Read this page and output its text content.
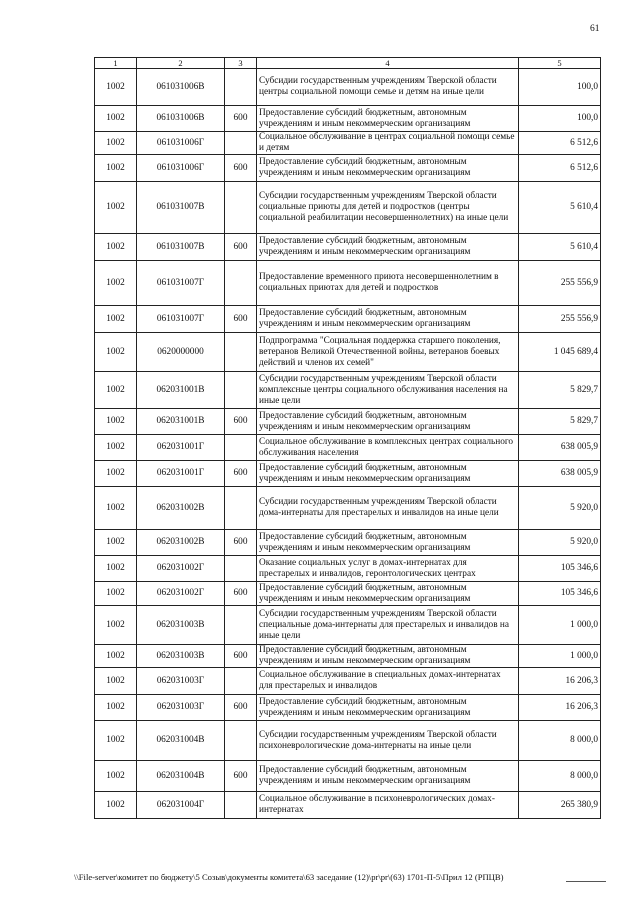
61
1	2	3	4	5
1002	061031006В		Субсидии государственным учреждениям Тверской области центры социальной помощи семье и детям на иные цели	100,0
1002	061031006В	600	Предоставление субсидий бюджетным, автономным учреждениям и иным некоммерческим организациям	100,0
1002	061031006Г		Социальное обслуживание в центрах социальной помощи семье и детям	6 512,6
1002	061031006Г	600	Предоставление субсидий бюджетным, автономным учреждениям и иным некоммерческим организациям	6 512,6
1002	061031007В		Субсидии государственным учреждениям Тверской области социальные приюты для детей и подростков (центры социальной реабилитации несовершеннолетних) на иные цели	5 610,4
1002	061031007В	600	Предоставление субсидий бюджетным, автономным учреждениям и иным некоммерческим организациям	5 610,4
1002	061031007Г		Предоставление временного приюта несовершеннолетним в социальных приютах для детей и подростков	255 556,9
1002	061031007Г	600	Предоставление субсидий бюджетным, автономным учреждениям и иным некоммерческим организациям	255 556,9
1002	0620000000		Подпрограмма "Социальная поддержка старшего поколения, ветеранов Великой Отечественной войны, ветеранов боевых действий и членов их семей"	1 045 689,4
1002	062031001В		Субсидии государственным учреждениям Тверской области комплексные центры социального обслуживания населения на иные цели	5 829,7
1002	062031001В	600	Предоставление субсидий бюджетным, автономным учреждениям и иным некоммерческим организациям	5 829,7
1002	062031001Г		Социальное обслуживание в комплексных центрах социального обслуживания населения	638 005,9
1002	062031001Г	600	Предоставление субсидий бюджетным, автономным учреждениям и иным некоммерческим организациям	638 005,9
1002	062031002В		Субсидии государственным учреждениям Тверской области дома-интернаты для престарелых и инвалидов на иные цели	5 920,0
1002	062031002В	600	Предоставление субсидий бюджетным, автономным учреждениям и иным некоммерческим организациям	5 920,0
1002	062031002Г		Оказание социальных услуг в домах-интернатах для престарелых и инвалидов, геронтологических центрах	105 346,6
1002	062031002Г	600	Предоставление субсидий бюджетным, автономным учреждениям и иным некоммерческим организациям	105 346,6
1002	062031003В		Субсидии государственным учреждениям Тверской области специальные дома-интернаты для престарелых и инвалидов на иные цели	1 000,0
1002	062031003В	600	Предоставление субсидий бюджетным, автономным учреждениям и иным некоммерческим организациям	1 000,0
1002	062031003Г		Социальное обслуживание в специальных домах-интернатах для престарелых и инвалидов	16 206,3
1002	062031003Г	600	Предоставление субсидий бюджетным, автономным учреждениям и иным некоммерческим организациям	16 206,3
1002	062031004В		Субсидии государственным учреждениям Тверской области психоневрологические дома-интернаты на иные цели	8 000,0
1002	062031004В	600	Предоставление субсидий бюджетным, автономным учреждениям и иным некоммерческим организациям	8 000,0
1002	062031004Г		Социальное обслуживание в психоневрологических домах-интернатах	265 380,9
\\File-server\комитет по бюджету\5 Созыв\документы комитета\63 заседание (12)\pr\pr\(63) 1701-П-5\Прил 12 (РПЦВ)
